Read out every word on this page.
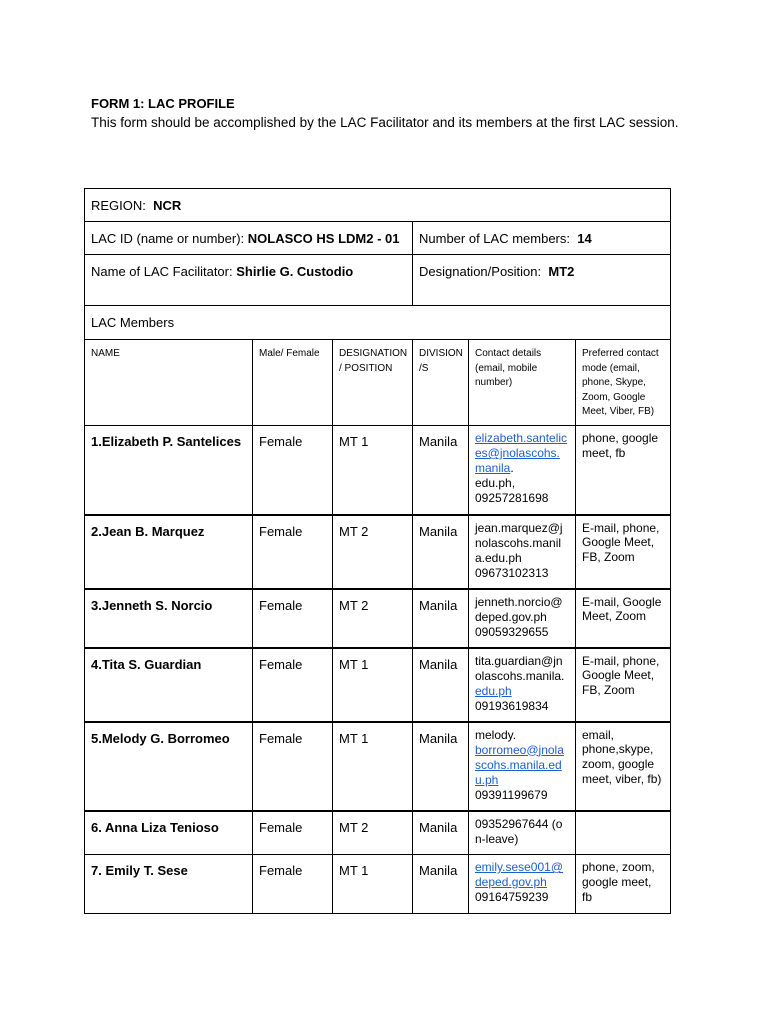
FORM 1: LAC PROFILE
This form should be accomplished by the LAC Facilitator and its members at the first LAC session.
REGION: NCR					
LAC ID (name or number): NOLASCO HS LDM2 - 01			Number of LAC members: 14		
Name of LAC Facilitator: Shirlie G. Custodio			Designation/Position: MT2		
LAC Members					
NAME	Male/ Female	DESIGNATION / POSITION	DIVISION /S	Contact details (email, mobile number)	Preferred contact mode (email, phone, Skype, Zoom, Google Meet, Viber, FB)
1.Elizabeth P. Santelices	Female	MT 1	Manila	elizabeth.santelices@jnolascohs.manila.
edu.ph,
09257281698	phone, google meet, fb
2.Jean B. Marquez	Female	MT 2	Manila	jean.marquez@jnolascohs.manila.edu.ph
09673102313	E-mail, phone, Google Meet, FB, Zoom
3.Jenneth S. Norcio	Female	MT 2	Manila	jenneth.norcio@deped.gov.ph
09059329655	E-mail, Google Meet, Zoom
4.Tita S. Guardian	Female	MT 1	Manila	tita.guardian@jnolascohs.manila.edu.ph
09193619834	E-mail, phone, Google Meet, FB, Zoom
5.Melody G. Borromeo	Female	MT 1	Manila	melody.
borromeo@jnolascohs.manila.edu.ph
09391199679	email, phone,skype, zoom, google meet, viber, fb)
6. Anna Liza Tenioso	Female	MT 2	Manila	09352967644 (on-leave)	
7. Emily T. Sese	Female	MT 1	Manila	emily.sese001@deped.gov.ph
09164759239	phone, zoom, google meet, fb
